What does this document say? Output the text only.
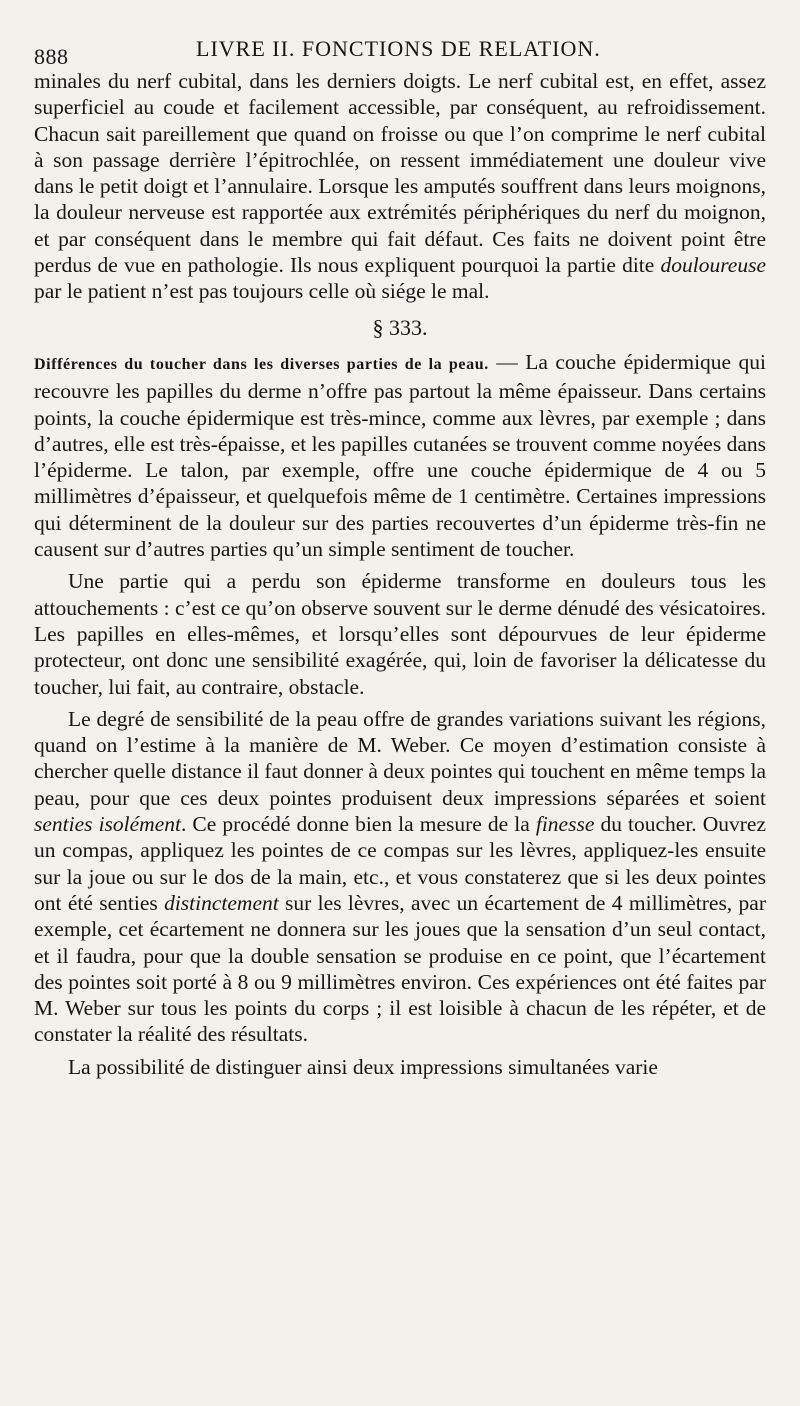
888	LIVRE II. FONCTIONS DE RELATION.

minales du nerf cubital, dans les derniers doigts. Le nerf cubital est, en effet, assez superficiel au coude et facilement accessible, par conséquent, au refroidissement. Chacun sait pareillement que quand on froisse ou que l’on comprime le nerf cubital à son passage derrière l’épitrochlée, on ressent immédiatement une douleur vive dans le petit doigt et l’annulaire. Lorsque les amputés souffrent dans leurs moignons, la douleur nerveuse est rapportée aux extrémités périphériques du nerf du moignon, et par conséquent dans le membre qui fait défaut. Ces faits ne doivent point être perdus de vue en pathologie. Ils nous expliquent pourquoi la partie dite douloureuse par le patient n’est pas toujours celle où siége le mal.

§ 333.

Différences du toucher dans les diverses parties de la peau. — La couche épidermique qui recouvre les papilles du derme n’offre pas partout la même épaisseur. Dans certains points, la couche épidermique est très-mince, comme aux lèvres, par exemple ; dans d’autres, elle est très-épaisse, et les papilles cutanées se trouvent comme noyées dans l’épiderme. Le talon, par exemple, offre une couche épidermique de 4 ou 5 millimètres d’épaisseur, et quelquefois même de 1 centimètre. Certaines impressions qui déterminent de la douleur sur des parties recouvertes d’un épiderme très-fin ne causent sur d’autres parties qu’un simple sentiment de toucher.

Une partie qui a perdu son épiderme transforme en douleurs tous les attouchements : c’est ce qu’on observe souvent sur le derme dénudé des vésicatoires. Les papilles en elles-mêmes, et lorsqu’elles sont dépourvues de leur épiderme protecteur, ont donc une sensibilité exagérée, qui, loin de favoriser la délicatesse du toucher, lui fait, au contraire, obstacle.

Le degré de sensibilité de la peau offre de grandes variations suivant les régions, quand on l’estime à la manière de M. Weber. Ce moyen d’estimation consiste à chercher quelle distance il faut donner à deux pointes qui touchent en même temps la peau, pour que ces deux pointes produisent deux impressions séparées et soient senties isolément. Ce procédé donne bien la mesure de la finesse du toucher. Ouvrez un compas, appliquez les pointes de ce compas sur les lèvres, appliquez-les ensuite sur la joue ou sur le dos de la main, etc., et vous constaterez que si les deux pointes ont été senties distinctement sur les lèvres, avec un écartement de 4 millimètres, par exemple, cet écartement ne donnera sur les joues que la sensation d’un seul contact, et il faudra, pour que la double sensation se produise en ce point, que l’écartement des pointes soit porté à 8 ou 9 millimètres environ. Ces expériences ont été faites par M. Weber sur tous les points du corps ; il est loisible à chacun de les répéter, et de constater la réalité des résultats.

La possibilité de distinguer ainsi deux impressions simultanées varie
